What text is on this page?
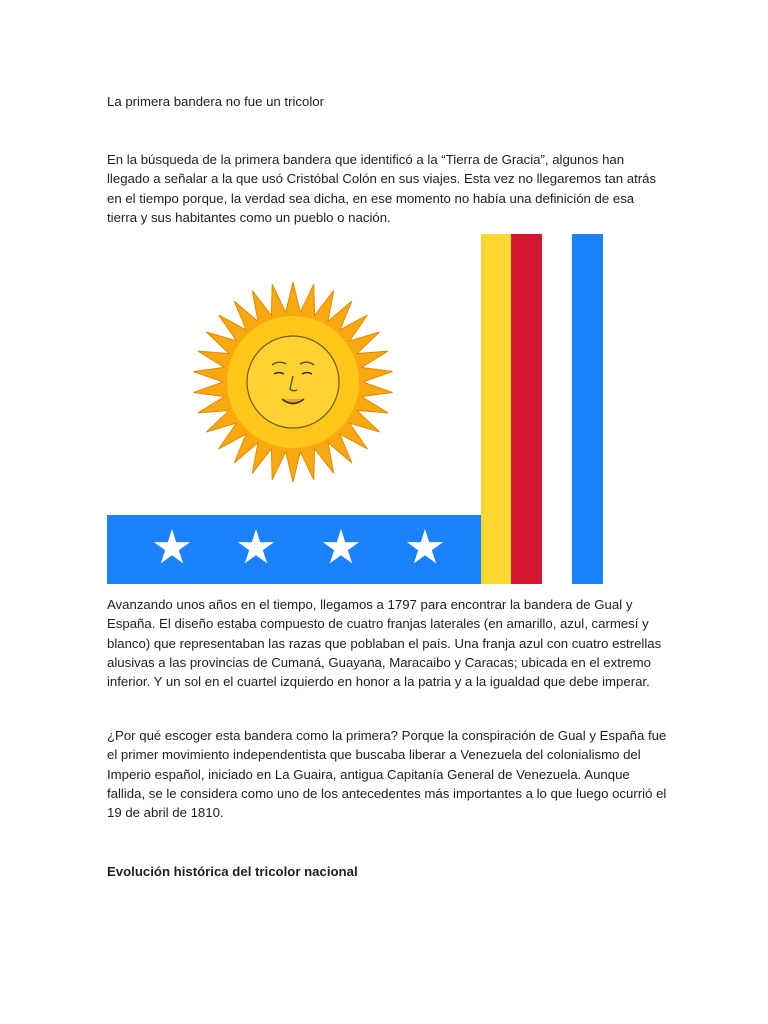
La primera bandera no fue un tricolor

En la búsqueda de la primera bandera que identificó a la “Tierra de Gracia”, algunos han llegado a señalar a la que usó Cristóbal Colón en sus viajes. Esta vez no llegaremos tan atrás en el tiempo porque, la verdad sea dicha, en ese momento no había una definición de esa tierra y sus habitantes como un pueblo o nación.

Avanzando unos años en el tiempo, llegamos a 1797 para encontrar la bandera de Gual y España. El diseño estaba compuesto de cuatro franjas laterales (en amarillo, azul, carmesí y blanco) que representaban las razas que poblaban el país. Una franja azul con cuatro estrellas alusivas a las provincias de Cumaná, Guayana, Maracaibo y Caracas; ubicada en el extremo inferior. Y un sol en el cuartel izquierdo en honor a la patria y a la igualdad que debe imperar.

¿Por qué escoger esta bandera como la primera? Porque la conspiración de Gual y España fue el primer movimiento independentista que buscaba liberar a Venezuela del colonialismo del Imperio español, iniciado en La Guaira, antigua Capitanía General de Venezuela. Aunque fallida, se le considera como uno de los antecedentes más importantes a lo que luego ocurrió el 19 de abril de 1810.

Evolución histórica del tricolor nacional
